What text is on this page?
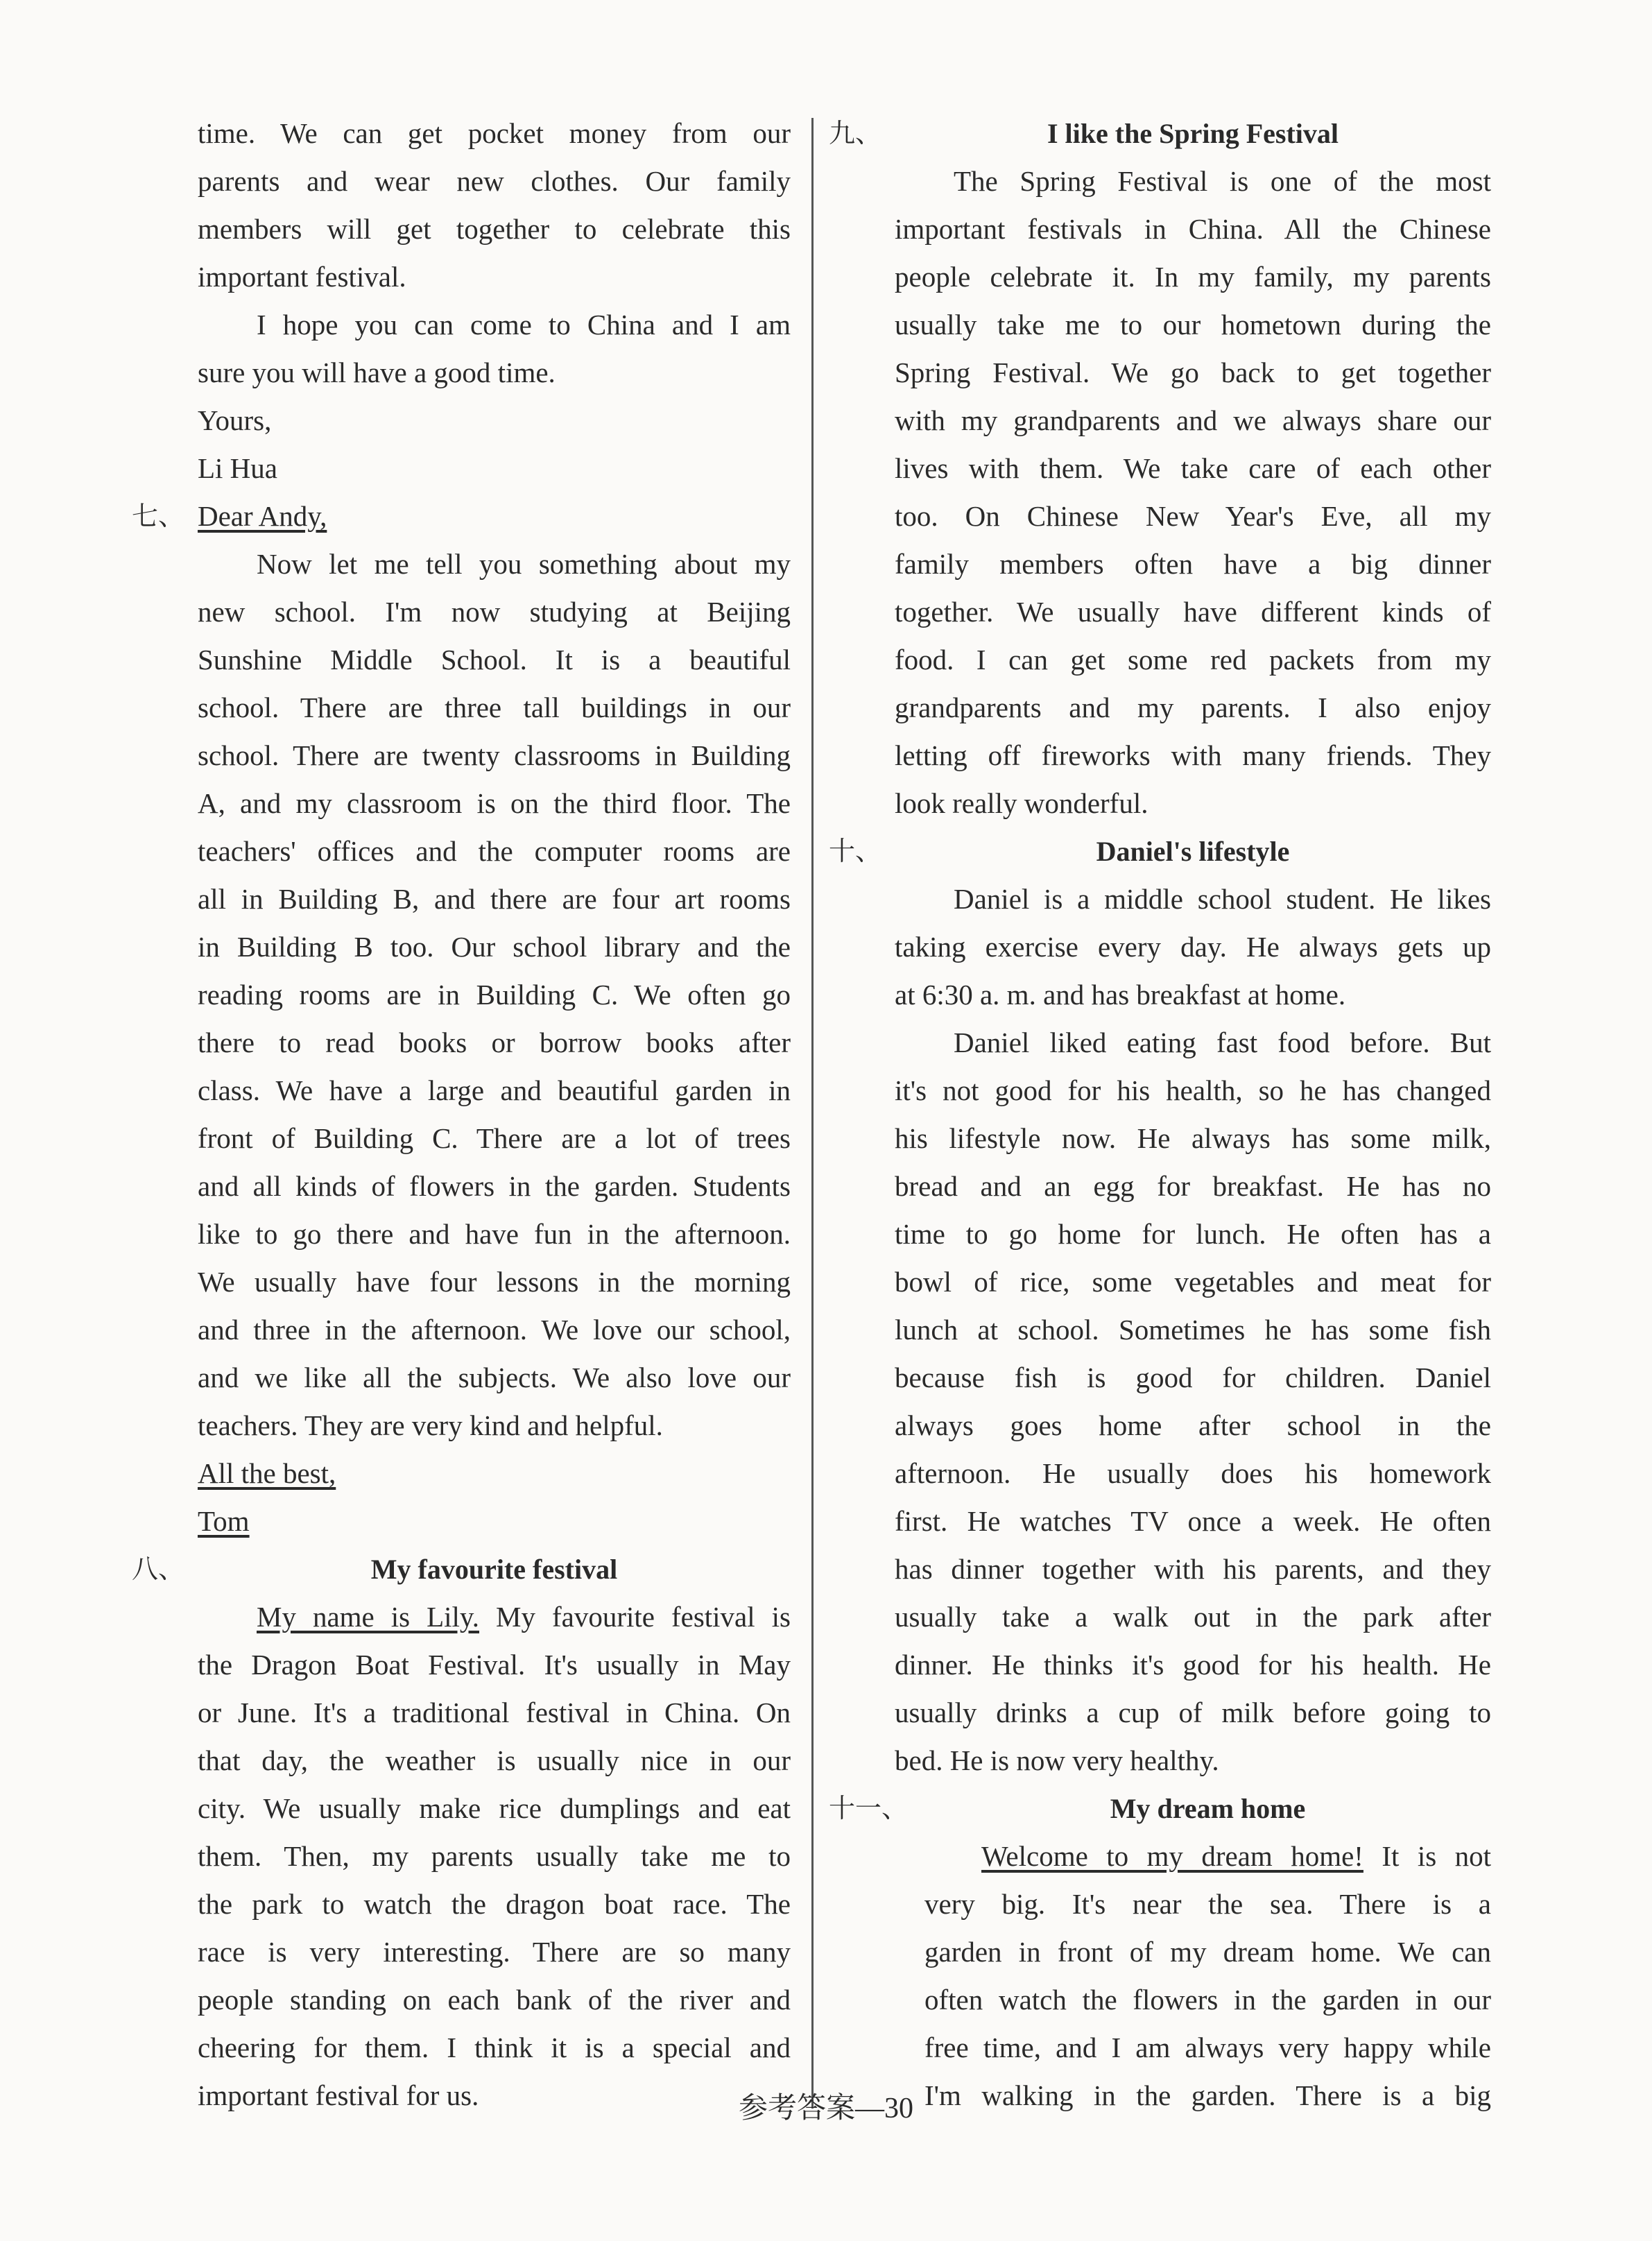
time. We can get pocket money from our
parents and wear new clothes. Our family
members will get together to celebrate this
important festival.
I hope you can come to China and I am
sure you will have a good time.
Yours,
Li Hua
七、 Dear Andy,
Now let me tell you something about my
new school. I'm now studying at Beijing
Sunshine Middle School. It is a beautiful
school. There are three tall buildings in our
school. There are twenty classrooms in Building
A, and my classroom is on the third floor. The
teachers' offices and the computer rooms are
all in Building B, and there are four art rooms
in Building B too. Our school library and the
reading rooms are in Building C. We often go
there to read books or borrow books after
class. We have a large and beautiful garden in
front of Building C. There are a lot of trees
and all kinds of flowers in the garden. Students
like to go there and have fun in the afternoon.
We usually have four lessons in the morning
and three in the afternoon. We love our school,
and we like all the subjects. We also love our
teachers. They are very kind and helpful.
All the best,
Tom
八、	My favourite festival
My name is Lily. My favourite festival is
the Dragon Boat Festival. It's usually in May
or June. It's a traditional festival in China. On
that day, the weather is usually nice in our
city. We usually make rice dumplings and eat
them. Then, my parents usually take me to
the park to watch the dragon boat race. The
race is very interesting. There are so many
people standing on each bank of the river and
cheering for them. I think it is a special and
important festival for us.
九、	I like the Spring Festival
The Spring Festival is one of the most
important festivals in China. All the Chinese
people celebrate it. In my family, my parents
usually take me to our hometown during the
Spring Festival. We go back to get together
with my grandparents and we always share our
lives with them. We take care of each other
too. On Chinese New Year's Eve, all my
family members often have a big dinner
together. We usually have different kinds of
food. I can get some red packets from my
grandparents and my parents. I also enjoy
letting off fireworks with many friends. They
look really wonderful.
十、	Daniel's lifestyle
Daniel is a middle school student. He likes
taking exercise every day. He always gets up
at 6:30 a. m. and has breakfast at home.
Daniel liked eating fast food before. But
it's not good for his health, so he has changed
his lifestyle now. He always has some milk,
bread and an egg for breakfast. He has no
time to go home for lunch. He often has a
bowl of rice, some vegetables and meat for
lunch at school. Sometimes he has some fish
because fish is good for children. Daniel
always goes home after school in the
afternoon. He usually does his homework
first. He watches TV once a week. He often
has dinner together with his parents, and they
usually take a walk out in the park after
dinner. He thinks it's good for his health. He
usually drinks a cup of milk before going to
bed. He is now very healthy.
十一、	My dream home
Welcome to my dream home! It is not
very big. It's near the sea. There is a
garden in front of my dream home. We can
often watch the flowers in the garden in our
free time, and I am always very happy while
I'm walking in the garden. There is a big
参考答案—30
